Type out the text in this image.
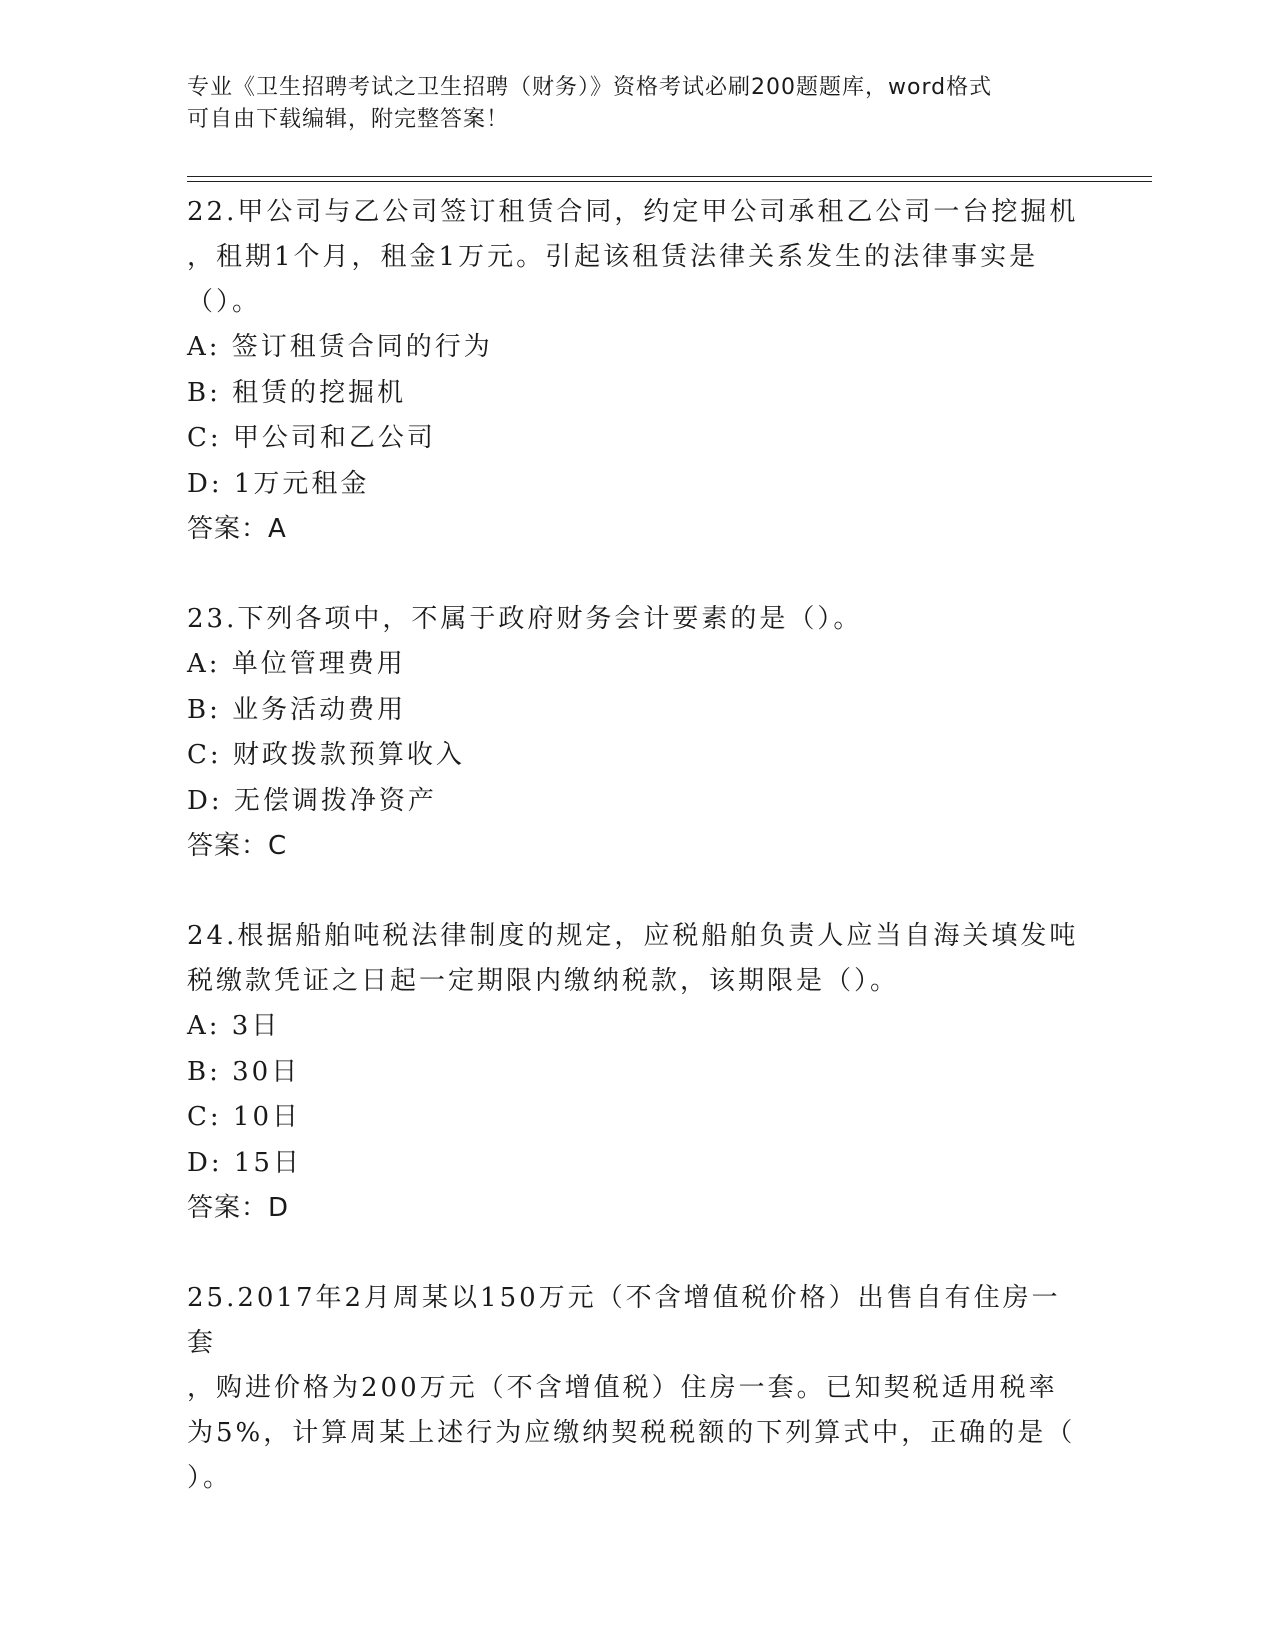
专业《卫生招聘考试之卫生招聘（财务）》资格考试必刷200题题库，word格式
可自由下载编辑，附完整答案！
22.甲公司与乙公司签订租赁合同，约定甲公司承租乙公司一台挖掘机
，租期1个月，租金1万元。引起该租赁法律关系发生的法律事实是
（）。
A: 签订租赁合同的行为
B: 租赁的挖掘机
C: 甲公司和乙公司
D: 1万元租金
答案：A
23.下列各项中，不属于政府财务会计要素的是（）。
A: 单位管理费用
B: 业务活动费用
C: 财政拨款预算收入
D: 无偿调拨净资产
答案：C
24.根据船舶吨税法律制度的规定，应税船舶负责人应当自海关填发吨
税缴款凭证之日起一定期限内缴纳税款，该期限是（）。
A: 3日
B: 30日
C: 10日
D: 15日
答案：D
25.2017年2月周某以150万元（不含增值税价格）出售自有住房一套
，购进价格为200万元（不含增值税）住房一套。已知契税适用税率
为5%，计算周某上述行为应缴纳契税税额的下列算式中，正确的是（
）。
